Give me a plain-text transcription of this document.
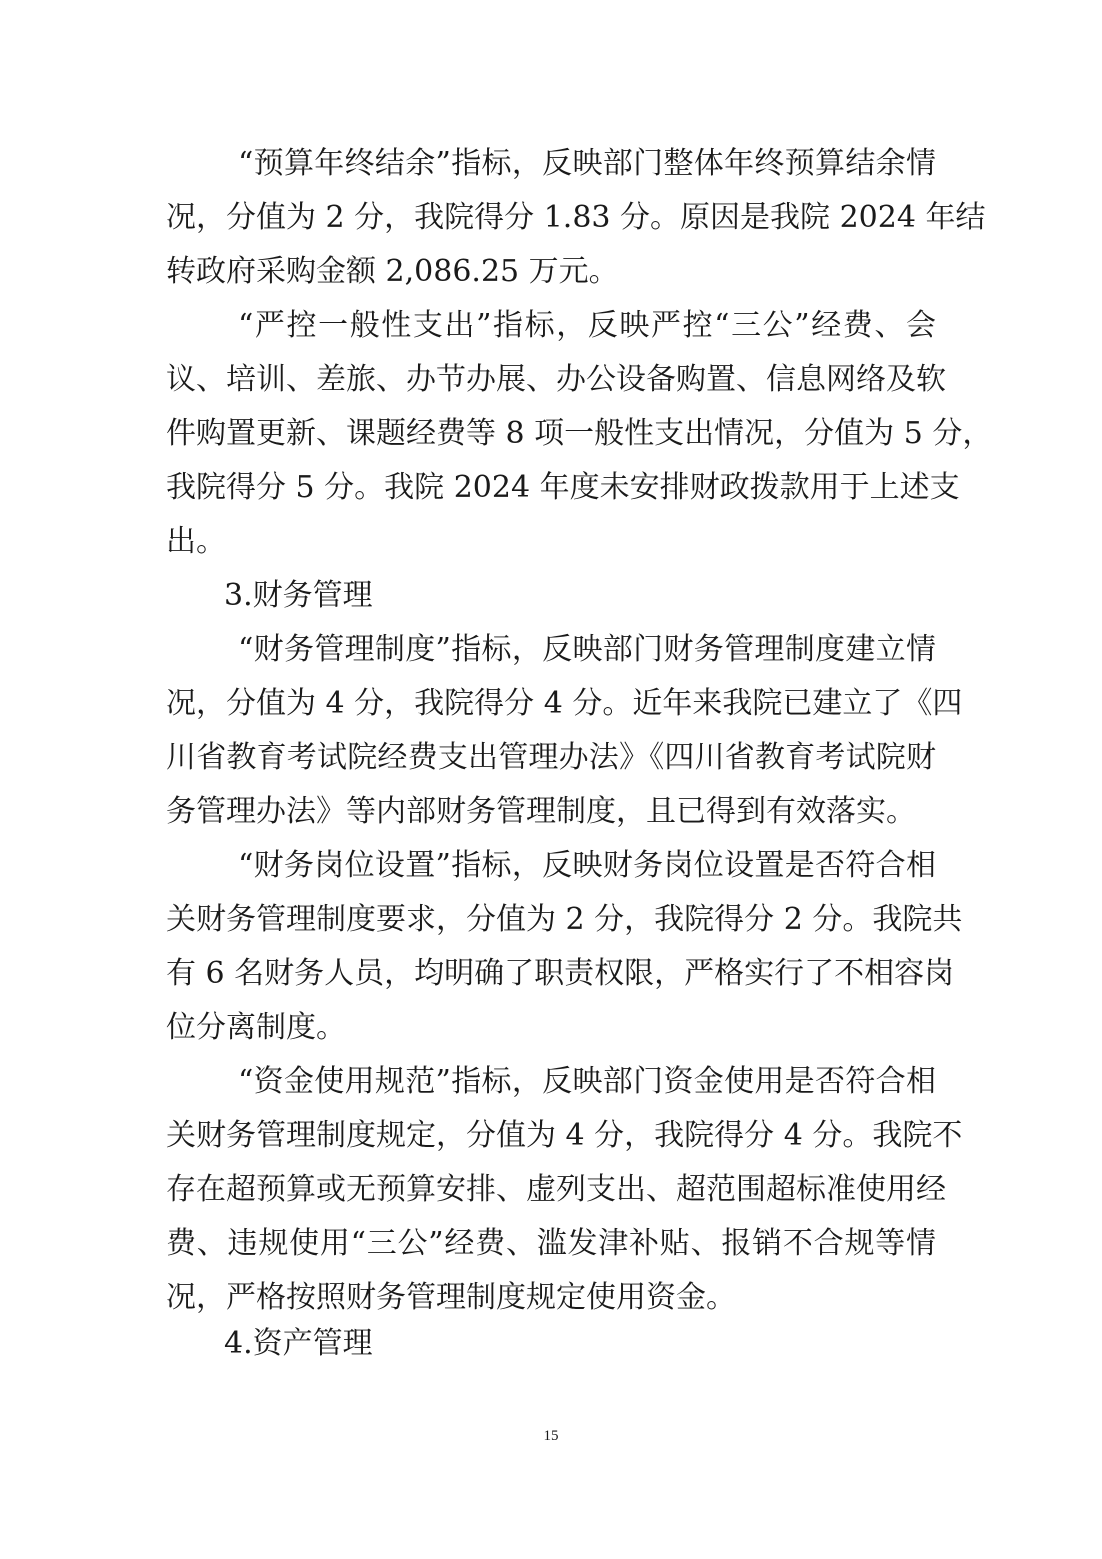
“预算年终结余”指标，反映部门整体年终预算结余情
况，分值为 2 分，我院得分 1.83 分。原因是我院 2024 年结
转政府采购金额 2,086.25 万元。
“严控一般性支出”指标，反映严控“三公”经费、会
议、培训、差旅、办节办展、办公设备购置、信息网络及软
件购置更新、课题经费等 8 项一般性支出情况，分值为 5 分，
我院得分 5 分。我院 2024 年度未安排财政拨款用于上述支
出。
3.财务管理
“财务管理制度”指标，反映部门财务管理制度建立情
况，分值为 4 分，我院得分 4 分。近年来我院已建立了《四
川省教育考试院经费支出管理办法》《四川省教育考试院财
务管理办法》等内部财务管理制度，且已得到有效落实。
“财务岗位设置”指标，反映财务岗位设置是否符合相
关财务管理制度要求，分值为 2 分，我院得分 2 分。我院共
有 6 名财务人员，均明确了职责权限，严格实行了不相容岗
位分离制度。
“资金使用规范”指标，反映部门资金使用是否符合相
关财务管理制度规定，分值为 4 分，我院得分 4 分。我院不
存在超预算或无预算安排、虚列支出、超范围超标准使用经
费、违规使用“三公”经费、滥发津补贴、报销不合规等情
况，严格按照财务管理制度规定使用资金。
4.资产管理
15
